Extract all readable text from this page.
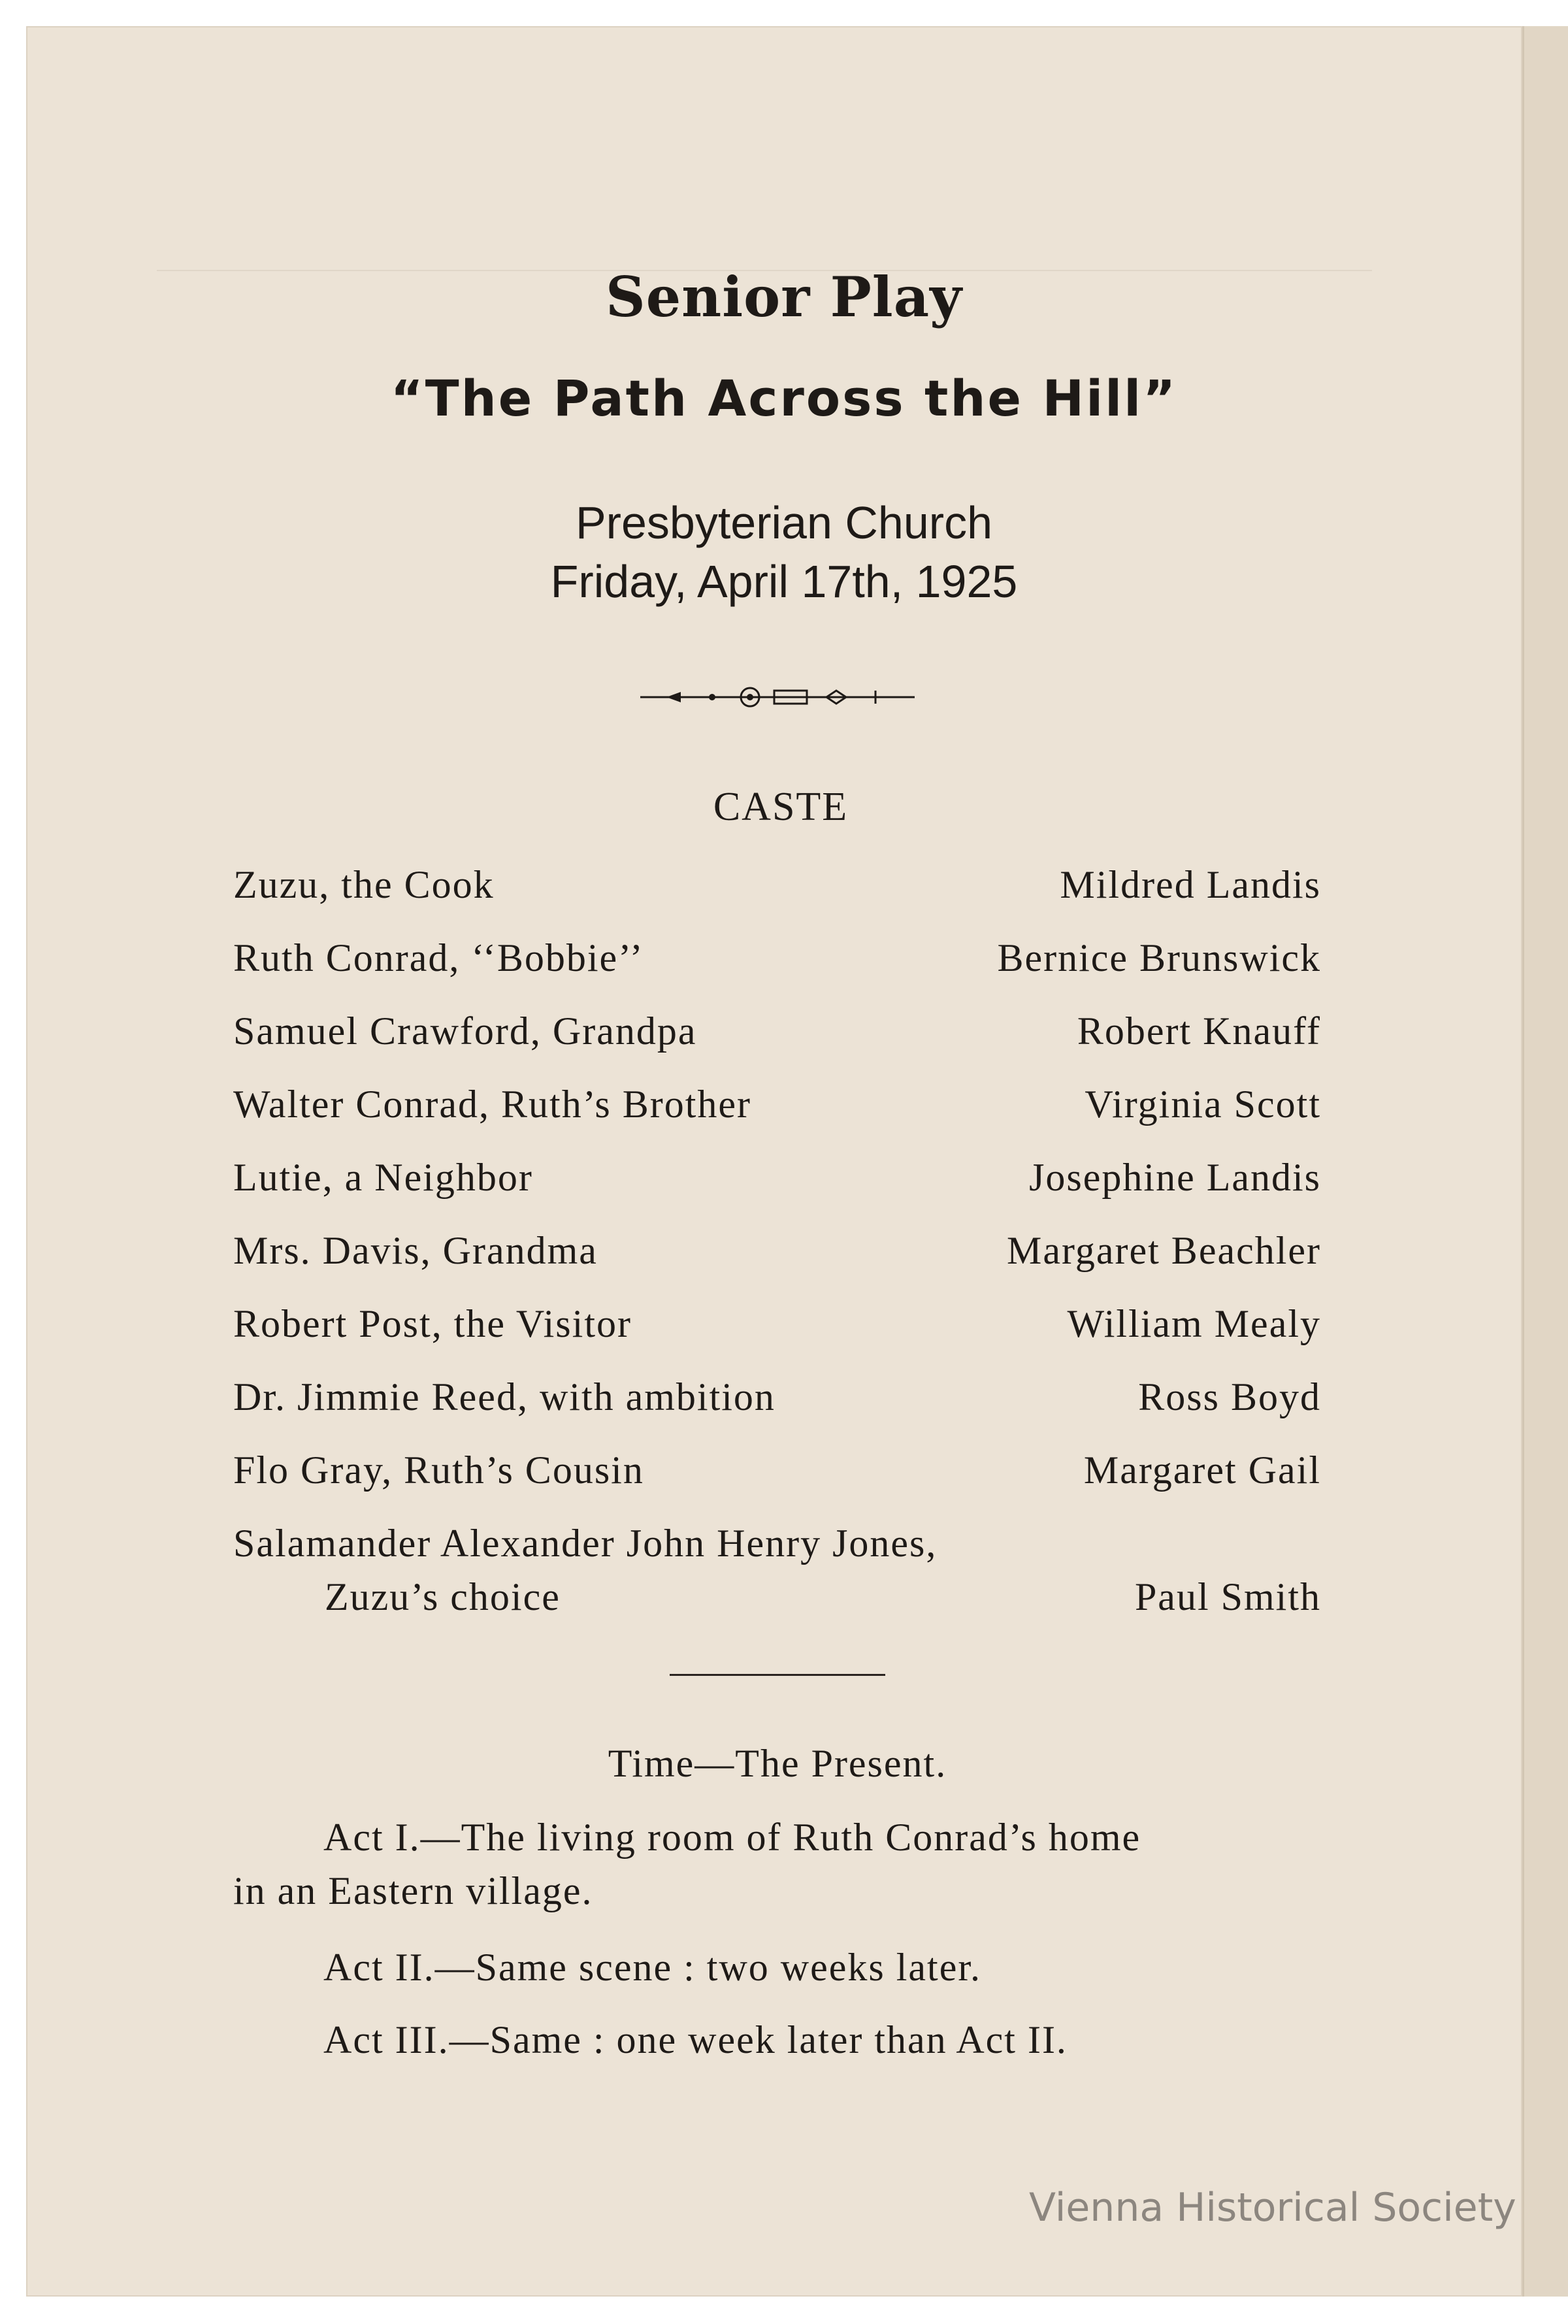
Senior Play
“The Path Across the Hill”
Presbyterian Church
Friday, April 17th, 1925
CASTE
Zuzu, the Cook	Mildred Landis
Ruth Conrad, ‘‘Bobbie’’	Bernice Brunswick
Samuel Crawford, Grandpa	Robert Knauff
Walter Conrad, Ruth’s Brother	Virginia Scott
Lutie, a Neighbor	Josephine Landis
Mrs. Davis, Grandma	Margaret Beachler
Robert Post, the Visitor	William Mealy
Dr. Jimmie Reed, with ambition	Ross Boyd
Flo Gray, Ruth’s Cousin	Margaret Gail
Salamander Alexander John Henry Jones,
Zuzu’s choice	Paul Smith
Time—The Present.
Act I.—The living room of Ruth Conrad’s home
in an Eastern village.
Act II.—Same scene : two weeks later.
Act III.—Same : one week later than Act II.
Vienna Historical Society
